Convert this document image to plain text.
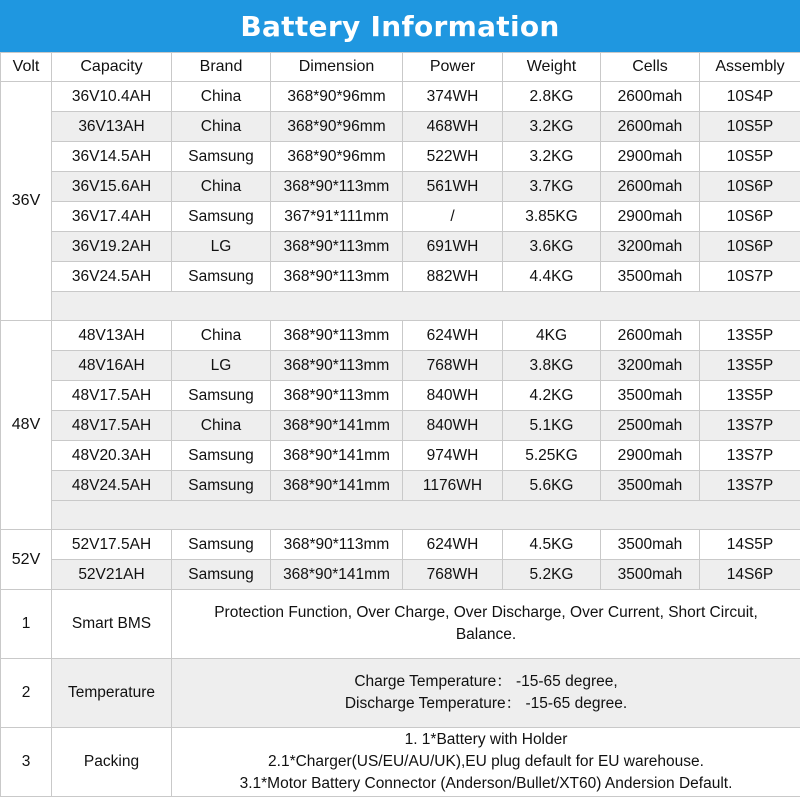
Battery Information
Volt	Capacity	Brand	Dimension	Power	Weight	Cells	Assembly
36V	36V10.4AH	China	368*90*96mm	374WH	2.8KG	2600mah	10S4P
	36V13AH	China	368*90*96mm	468WH	3.2KG	2600mah	10S5P
	36V14.5AH	Samsung	368*90*96mm	522WH	3.2KG	2900mah	10S5P
	36V15.6AH	China	368*90*113mm	561WH	3.7KG	2600mah	10S6P
	36V17.4AH	Samsung	367*91*111mm	/	3.85KG	2900mah	10S6P
	36V19.2AH	LG	368*90*113mm	691WH	3.6KG	3200mah	10S6P
	36V24.5AH	Samsung	368*90*113mm	882WH	4.4KG	3500mah	10S7P

48V	48V13AH	China	368*90*113mm	624WH	4KG	2600mah	13S5P
	48V16AH	LG	368*90*113mm	768WH	3.8KG	3200mah	13S5P
	48V17.5AH	Samsung	368*90*113mm	840WH	4.2KG	3500mah	13S5P
	48V17.5AH	China	368*90*141mm	840WH	5.1KG	2500mah	13S7P
	48V20.3AH	Samsung	368*90*141mm	974WH	5.25KG	2900mah	13S7P
	48V24.5AH	Samsung	368*90*141mm	1176WH	5.6KG	3500mah	13S7P

52V	52V17.5AH	Samsung	368*90*113mm	624WH	4.5KG	3500mah	14S5P
	52V21AH	Samsung	368*90*141mm	768WH	5.2KG	3500mah	14S6P
1	Smart BMS	Protection Function, Over Charge, Over Discharge, Over Current, Short Circuit,
Balance.					

2	Temperature	Charge Temperature： -15-65 degree,
Discharge Temperature： -15-65 degree.					

3	Packing	1. 1*Battery with Holder
2.1*Charger(US/EU/AU/UK),EU plug default for EU warehouse.
3.1*Motor Battery Connector (Anderson/Bullet/XT60) Andersion Default.					
